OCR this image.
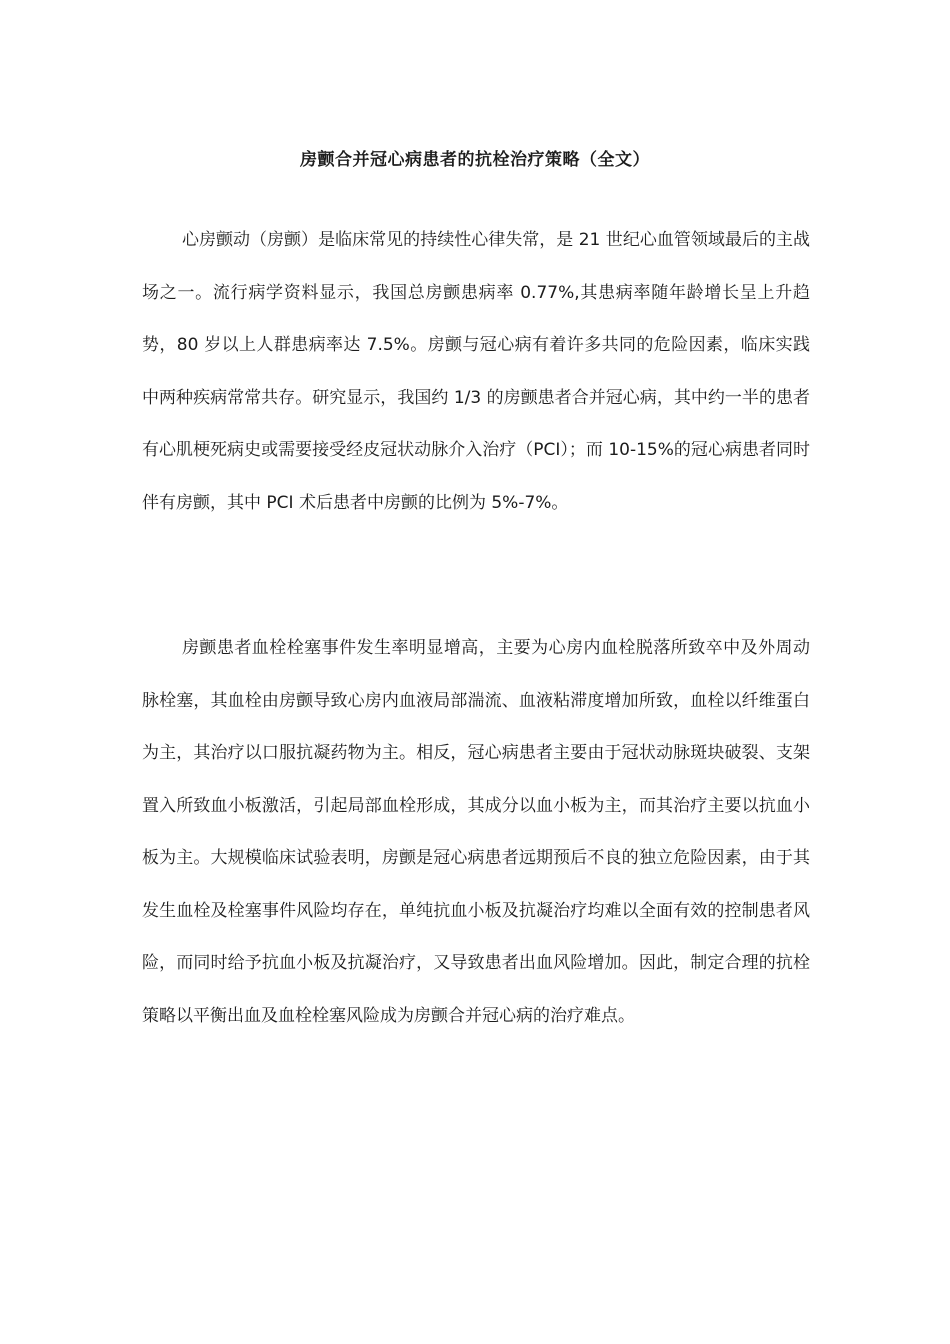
房颤合并冠心病患者的抗栓治疗策略（全文）
心房颤动（房颤）是临床常见的持续性心律失常，是 21 世纪心血管领域最后的主战场之一。流行病学资料显示，我国总房颤患病率 0.77%,其患病率随年龄增长呈上升趋势，80 岁以上人群患病率达 7.5%。房颤与冠心病有着许多共同的危险因素，临床实践中两种疾病常常共存。研究显示，我国约 1/3 的房颤患者合并冠心病，其中约一半的患者有心肌梗死病史或需要接受经皮冠状动脉介入治疗（PCI）；而 10-15%的冠心病患者同时伴有房颤，其中 PCI 术后患者中房颤的比例为 5%-7%。
房颤患者血栓栓塞事件发生率明显增高，主要为心房内血栓脱落所致卒中及外周动脉栓塞，其血栓由房颤导致心房内血液局部湍流、血液粘滞度增加所致，血栓以纤维蛋白为主，其治疗以口服抗凝药物为主。相反，冠心病患者主要由于冠状动脉斑块破裂、支架置入所致血小板激活，引起局部血栓形成，其成分以血小板为主，而其治疗主要以抗血小板为主。大规模临床试验表明，房颤是冠心病患者远期预后不良的独立危险因素，由于其发生血栓及栓塞事件风险均存在，单纯抗血小板及抗凝治疗均难以全面有效的控制患者风险，而同时给予抗血小板及抗凝治疗，又导致患者出血风险增加。因此，制定合理的抗栓策略以平衡出血及血栓栓塞风险成为房颤合并冠心病的治疗难点。
